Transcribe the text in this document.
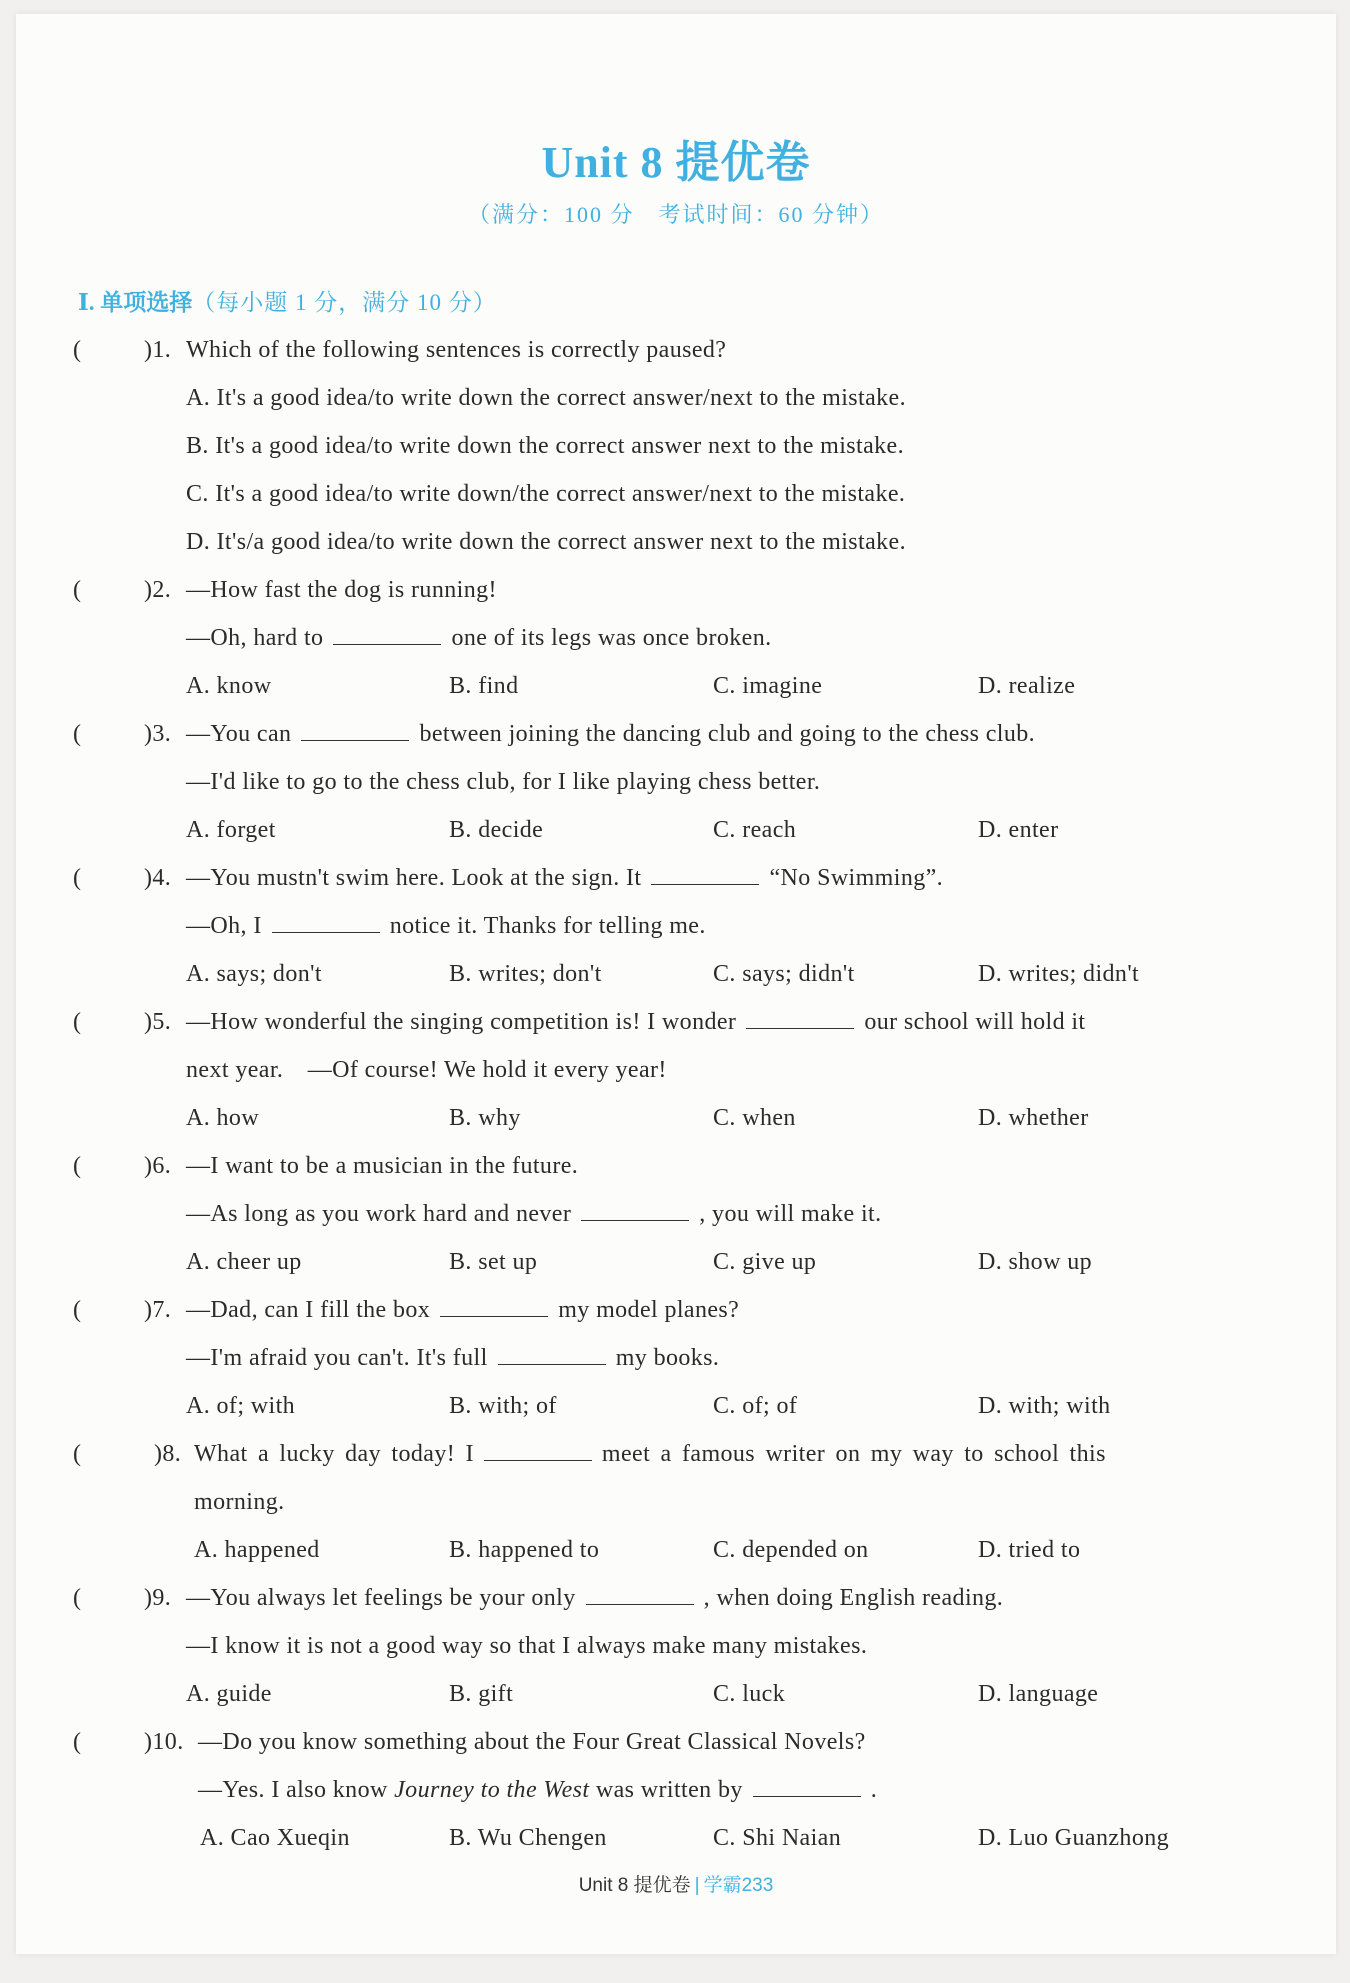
Unit 8 提优卷
（满分：100 分　考试时间：60 分钟）
Ⅰ. 单项选择（每小题 1 分，满分 10 分）
(	)1. Which of the following sentences is correctly paused?
A. It's a good idea/to write down the correct answer/next to the mistake.
B. It's a good idea/to write down the correct answer next to the mistake.
C. It's a good idea/to write down/the correct answer/next to the mistake.
D. It's/a good idea/to write down the correct answer next to the mistake.
(	)2. —How fast the dog is running!
—Oh, hard to	one of its legs was once broken.
A. know	B. find	C. imagine	D. realize
(	)3. —You can	between joining the dancing club and going to the chess club.
—I'd like to go to the chess club, for I like playing chess better.
A. forget	B. decide	C. reach	D. enter
(	)4. —You mustn't swim here. Look at the sign. It	“No Swimming”.
—Oh, I	notice it. Thanks for telling me.
A. says; don't	B. writes; don't	C. says; didn't	D. writes; didn't
(	)5. —How wonderful the singing competition is! I wonder	our school will hold it
next year.　—Of course! We hold it every year!
A. how	B. why	C. when	D. whether
(	)6. —I want to be a musician in the future.
—As long as you work hard and never	, you will make it.
A. cheer up	B. set up	C. give up	D. show up
(	)7. —Dad, can I fill the box	my model planes?
—I'm afraid you can't. It's full	my books.
A. of; with	B. with; of	C. of; of	D. with; with
(	)8. What a lucky day today! I	meet a famous writer on my way to school this
morning.
A. happened	B. happened to	C. depended on	D. tried to
(	)9. —You always let feelings be your only	, when doing English reading.
—I know it is not a good way so that I always make many mistakes.
A. guide	B. gift	C. luck	D. language
(	)10. —Do you know something about the Four Great Classical Novels?
—Yes. I also know Journey to the West was written by	.
A. Cao Xueqin	B. Wu Chengen	C. Shi Naian	D. Luo Guanzhong
Unit 8 提优卷 | 学霸233
